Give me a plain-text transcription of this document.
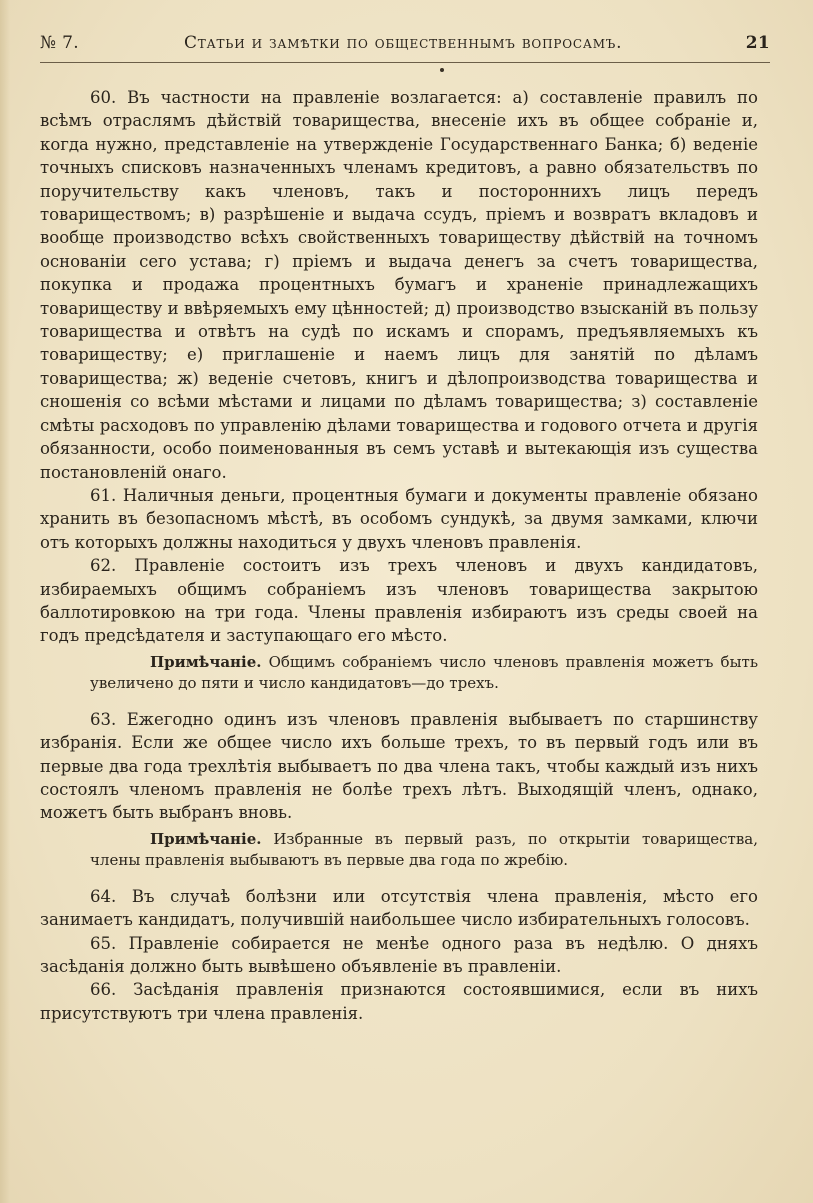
№ 7.	Статьи и замѣтки по общественнымъ вопросамъ.	21

60. Въ частности на правленіе возлагается: а) составленіе правилъ по всѣмъ отраслямъ дѣйствій товарищества, внесеніе ихъ въ общее собраніе и, когда нужно, представленіе на утвержденіе Государственнаго Банка; б) веденіе точныхъ списковъ назначенныхъ членамъ кредитовъ, а равно обязательствъ по поручительству какъ членовъ, такъ и постороннихъ лицъ передъ товариществомъ; в) разрѣшеніе и выдача ссудъ, пріемъ и возвратъ вкладовъ и вообще производство всѣхъ свойственныхъ товариществу дѣйствій на точномъ основаніи сего устава; г) пріемъ и выдача денегъ за счетъ товарищества, покупка и продажа процентныхъ бумагъ и храненіе принадлежащихъ товариществу и ввѣряемыхъ ему цѣнностей; д) производство взысканій въ пользу товарищества и отвѣтъ на судѣ по искамъ и спорамъ, предъявляемыхъ къ товариществу; е) приглашеніе и наемъ лицъ для занятій по дѣламъ товарищества; ж) веденіе счетовъ, книгъ и дѣлопроизводства товарищества и сношенія со всѣми мѣстами и лицами по дѣламъ товарищества; з) составленіе смѣты расходовъ по управленію дѣлами товарищества и годового отчета и другія обязанности, особо поименованныя въ семъ уставѣ и вытекающія изъ существа постановленій онаго.

61. Наличныя деньги, процентныя бумаги и документы правленіе обязано хранить въ безопасномъ мѣстѣ, въ особомъ сундукѣ, за двумя замками, ключи отъ которыхъ должны находиться у двухъ членовъ правленія.

62. Правленіе состоитъ изъ трехъ членовъ и двухъ кандидатовъ, избираемыхъ общимъ собраніемъ изъ членовъ товарищества закрытою баллотировкою на три года. Члены правленія избираютъ изъ среды своей на годъ предсѣдателя и заступающаго его мѣсто.

Примѣчаніе. Общимъ собраніемъ число членовъ правленія можетъ быть увеличено до пяти и число кандидатовъ—до трехъ.

63. Ежегодно одинъ изъ членовъ правленія выбываетъ по старшинству избранія. Если же общее число ихъ больше трехъ, то въ первый годъ или въ первые два года трехлѣтія выбываетъ по два члена такъ, чтобы каждый изъ нихъ состоялъ членомъ правленія не болѣе трехъ лѣтъ. Выходящій членъ, однако, можетъ быть выбранъ вновь.

Примѣчаніе. Избранные въ первый разъ, по открытіи товарищества, члены правленія выбываютъ въ первые два года по жребію.

64. Въ случаѣ болѣзни или отсутствія члена правленія, мѣсто его занимаетъ кандидатъ, получившій наибольшее число избирательныхъ голосовъ.

65. Правленіе собирается не менѣе одного раза въ недѣлю. О дняхъ засѣданія должно быть вывѣшено объявленіе въ правленіи.

66. Засѣданія правленія признаются состоявшимися, если въ нихъ присутствуютъ три члена правленія.
